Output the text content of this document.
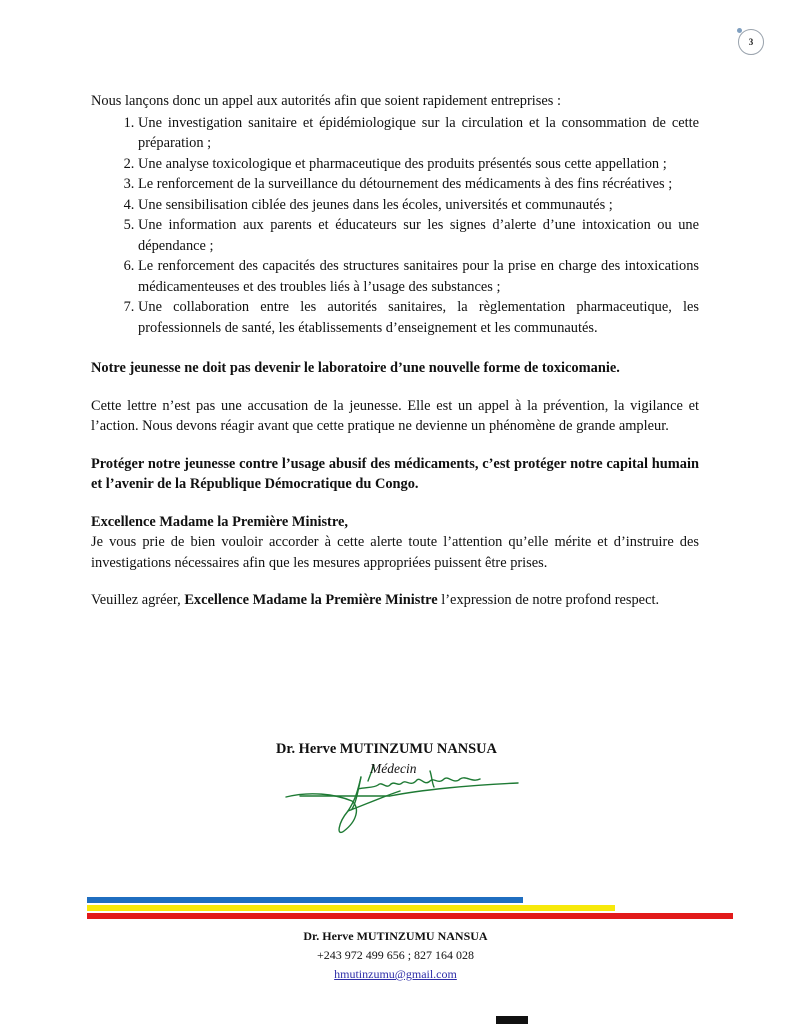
3

Nous lançons donc un appel aux autorités afin que soient rapidement entreprises :

1. Une investigation sanitaire et épidémiologique sur la circulation et la consommation de cette préparation ;
2. Une analyse toxicologique et pharmaceutique des produits présentés sous cette appellation ;
3. Le renforcement de la surveillance du détournement des médicaments à des fins récréatives ;
4. Une sensibilisation ciblée des jeunes dans les écoles, universités et communautés ;
5. Une information aux parents et éducateurs sur les signes d’alerte d’une intoxication ou une dépendance ;
6. Le renforcement des capacités des structures sanitaires pour la prise en charge des intoxications médicamenteuses et des troubles liés à l’usage des substances ;
7. Une collaboration entre les autorités sanitaires, la règlementation pharmaceutique, les professionnels de santé, les établissements d’enseignement et les communautés.

Notre jeunesse ne doit pas devenir le laboratoire d’une nouvelle forme de toxicomanie.

Cette lettre n’est pas une accusation de la jeunesse. Elle est un appel à la prévention, la vigilance et l’action. Nous devons réagir avant que cette pratique ne devienne un phénomène de grande ampleur.

Protéger notre jeunesse contre l’usage abusif des médicaments, c’est protéger notre capital humain et l’avenir de la République Démocratique du Congo.

Excellence Madame la Première Ministre,

Je vous prie de bien vouloir accorder à cette alerte toute l’attention qu’elle mérite et d’instruire des investigations nécessaires afin que les mesures appropriées puissent être prises.

Veuillez agréer, Excellence Madame la Première Ministre l’expression de notre profond respect.

Dr. Herve MUTINZUMU NANSUA
Médecin
Dr. Herve MUTINZUMU NANSUA
+243 972 499 656 ; 827 164 028
hmutinzumu@gmail.com
